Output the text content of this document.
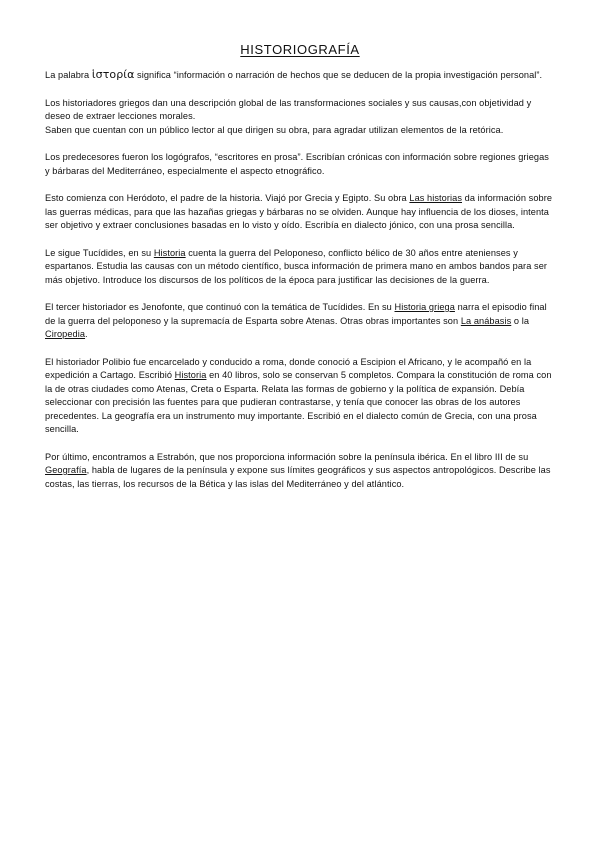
HISTORIOGRAFÍA

La palabra ἱστορία significa “información o narración de hechos que se deducen de la propia investigación personal”.

Los historiadores griegos dan una descripción global de las transformaciones sociales y sus causas,con objetividad y deseo de extraer lecciones morales.

Saben que cuentan con un público lector al que dirigen su obra, para agradar utilizan elementos de la retórica.

Los predecesores fueron los logógrafos, “escritores en prosa”. Escribían crónicas con información sobre regiones griegas y bárbaras del Mediterráneo, especialmente el aspecto etnográfico.

Esto comienza con Heródoto, el padre de la historia. Viajó por Grecia y Egipto. Su obra Las historias da información sobre las guerras médicas, para que las hazañas griegas y bárbaras no se olviden. Aunque hay influencia de los dioses, intenta ser objetivo y extraer conclusiones basadas en lo visto y oído. Escribía en dialecto jónico, con una prosa sencilla.

Le sigue Tucídides, en su Historia cuenta la guerra del Peloponeso, conflicto bélico de 30 años entre atenienses y espartanos. Estudia las causas con un método científico, busca información de primera mano en ambos bandos para ser más objetivo. Introduce los discursos de los políticos de la época para justificar las decisiones de la guerra.

El tercer historiador es Jenofonte, que continuó con la temática de Tucídides. En su Historia griega narra el episodio final de la guerra del peloponeso y la supremacía de Esparta sobre Atenas. Otras obras importantes son La anábasis o la Ciropedia.

El historiador Polibio fue encarcelado y conducido a roma, donde conoció a Escipion el Africano, y le acompañó en la expedición a Cartago. Escribió Historia en 40 libros, solo se conservan 5 completos. Compara la constitución de roma con la de otras ciudades como Atenas, Creta o Esparta. Relata las formas de gobierno y la política de expansión. Debía seleccionar con precisión las fuentes para que pudieran contrastarse, y tenía que conocer las obras de los autores precedentes. La geografía era un instrumento muy importante. Escribió en el dialecto común de Grecia, con una prosa sencilla.

Por último, encontramos a Estrabón, que nos proporciona información sobre la península ibérica. En el libro III de su Geografía, habla de lugares de la península y expone sus límites geográficos y sus aspectos antropológicos. Describe las costas, las tierras, los recursos de la Bética y las islas del Mediterráneo y del atlántico.
